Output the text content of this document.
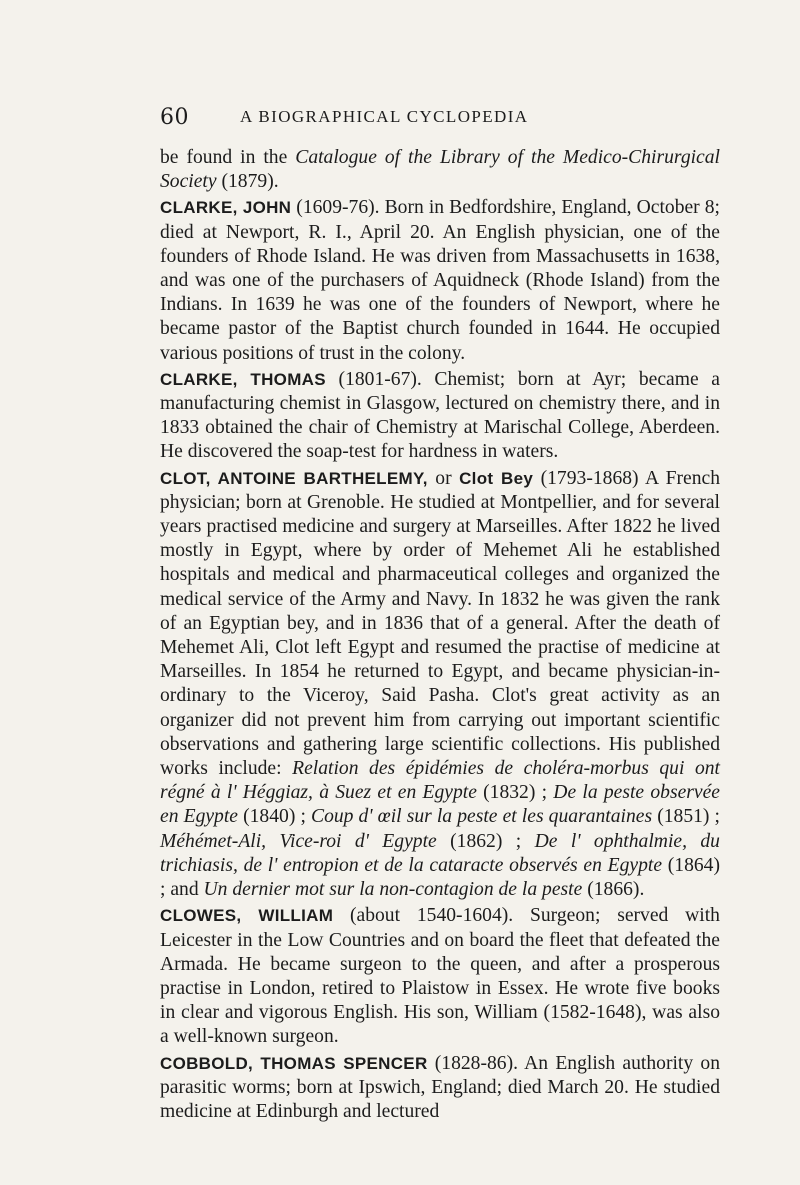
60	A BIOGRAPHICAL CYCLOPEDIA

be found in the Catalogue of the Library of the Medico-Chirurgical Society (1879).

CLARKE, JOHN (1609-76). Born in Bedfordshire, England, October 8; died at Newport, R. I., April 20. An English physician, one of the founders of Rhode Island. He was driven from Massachusetts in 1638, and was one of the purchasers of Aquidneck (Rhode Island) from the Indians. In 1639 he was one of the founders of Newport, where he became pastor of the Baptist church founded in 1644. He occupied various positions of trust in the colony.

CLARKE, THOMAS (1801-67). Chemist; born at Ayr; became a manufacturing chemist in Glasgow, lectured on chemistry there, and in 1833 obtained the chair of Chemistry at Marischal College, Aberdeen. He discovered the soap-test for hardness in waters.

CLOT, ANTOINE BARTHELEMY, or Clot Bey (1793-1868) A French physician; born at Grenoble. He studied at Montpellier, and for several years practised medicine and surgery at Marseilles. After 1822 he lived mostly in Egypt, where by order of Mehemet Ali he established hospitals and medical and pharmaceutical colleges and organized the medical service of the Army and Navy. In 1832 he was given the rank of an Egyptian bey, and in 1836 that of a general. After the death of Mehemet Ali, Clot left Egypt and resumed the practise of medicine at Marseilles. In 1854 he returned to Egypt, and became physician-in-ordinary to the Viceroy, Said Pasha. Clot's great activity as an organizer did not prevent him from carrying out important scientific observations and gathering large scientific collections. His published works include: Relation des épidémies de choléra-morbus qui ont régné à l' Héggiaz, à Suez et en Egypte (1832) ; De la peste observée en Egypte (1840) ; Coup d' œil sur la peste et les quarantaines (1851) ; Méhémet-Ali, Vice-roi d' Egypte (1862) ; De l' ophthalmie, du trichiasis, de l' entropion et de la cataracte observés en Egypte (1864) ; and Un dernier mot sur la non-contagion de la peste (1866).

CLOWES, WILLIAM (about 1540-1604). Surgeon; served with Leicester in the Low Countries and on board the fleet that defeated the Armada. He became surgeon to the queen, and after a prosperous practise in London, retired to Plaistow in Essex. He wrote five books in clear and vigorous English. His son, William (1582-1648), was also a well-known surgeon.

COBBOLD, THOMAS SPENCER (1828-86). An English authority on parasitic worms; born at Ipswich, England; died March 20. He studied medicine at Edinburgh and lectured
